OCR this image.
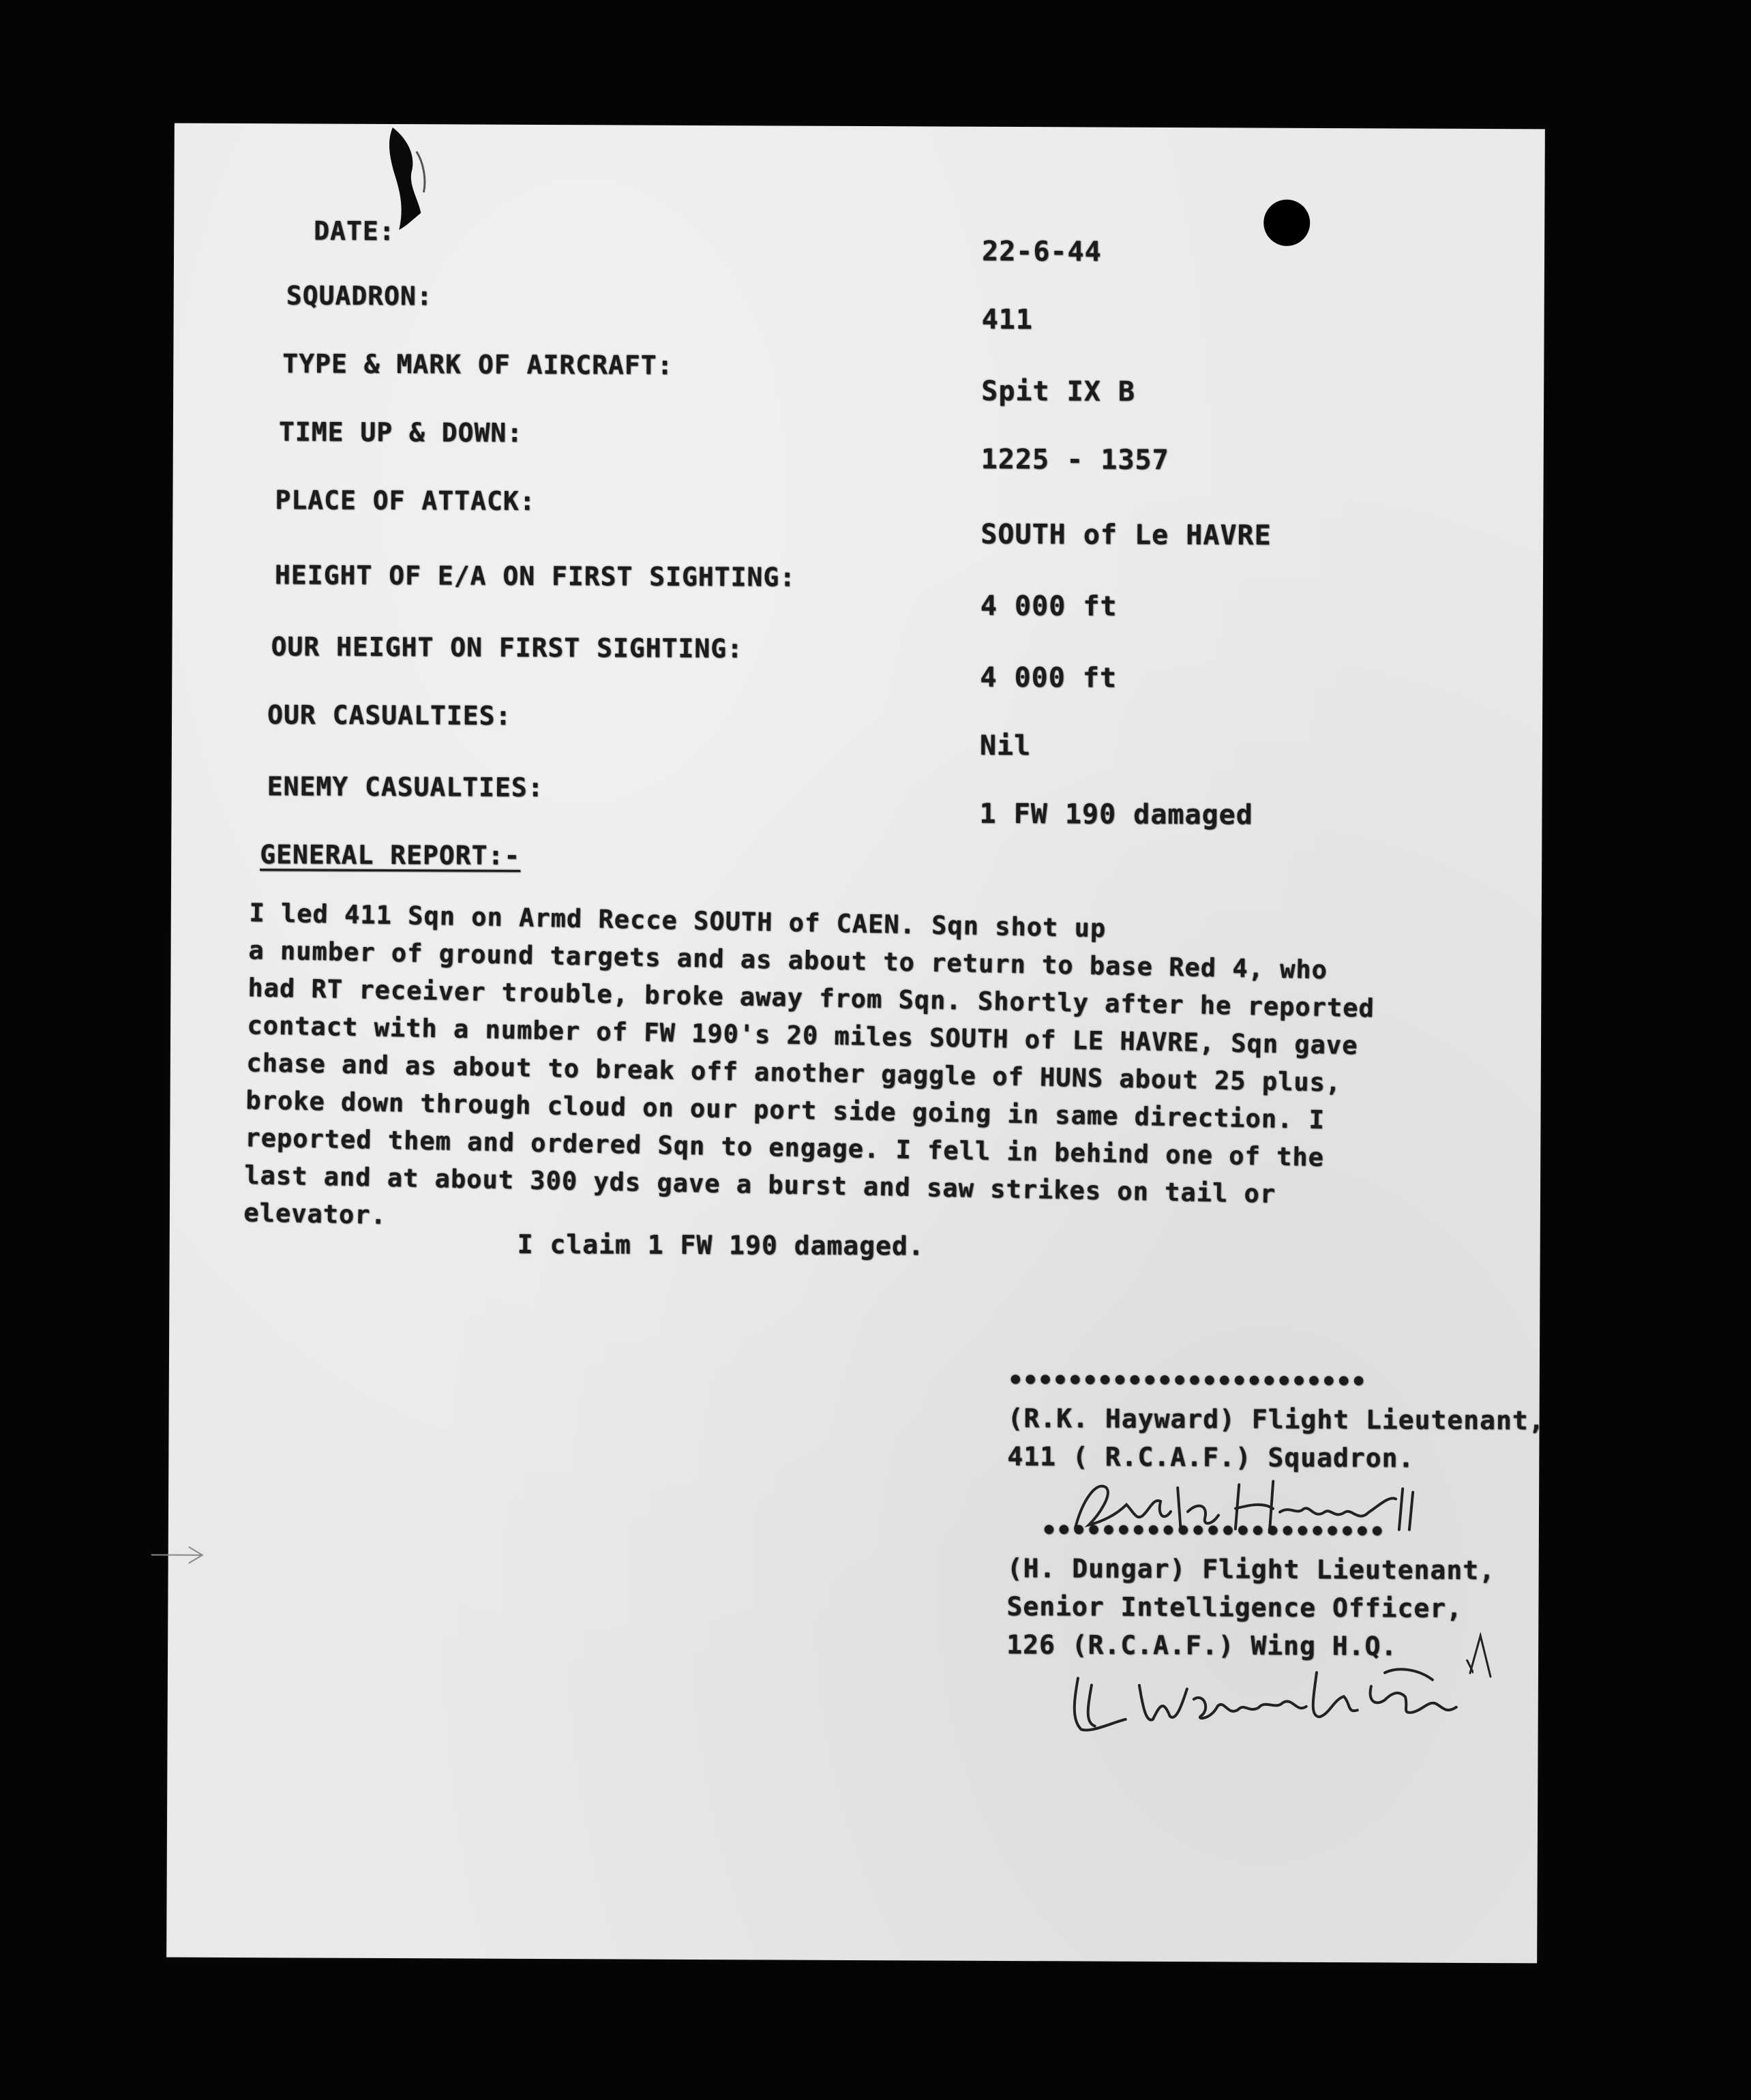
DATE:
22-6-44
SQUADRON:
411
TYPE & MARK OF AIRCRAFT:
Spit IX B
TIME UP & DOWN:
1225 - 1357
PLACE OF ATTACK:
SOUTH of Le HAVRE
HEIGHT OF E/A ON FIRST SIGHTING:
4 000 ft
OUR HEIGHT ON FIRST SIGHTING:
4 000 ft
OUR CASUALTIES:
Nil
ENEMY CASUALTIES:
1 FW 190 damaged
GENERAL REPORT:-
I led 411 Sqn on Armd Recce SOUTH of CAEN. Sqn shot up
a number of ground targets and as about to return to base Red 4, who
had RT receiver trouble, broke away from Sqn. Shortly after he reported
contact with a number of FW 190's 20 miles SOUTH of LE HAVRE, Sqn gave
chase and as about to break off another gaggle of HUNS about 25 plus,
broke down through cloud on our port side going in same direction. I
reported them and ordered Sqn to engage. I fell in behind one of the
last and at about 300 yds gave a burst and saw strikes on tail or
elevator.
I claim 1 FW 190 damaged.
••••••••••••••••••••••••
(R.K. Hayward) Flight Lieutenant,
411 ( R.C.A.F.) Squadron.
•••••••••••••••••••••••
(H. Dungar) Flight Lieutenant,
Senior Intelligence Officer,
126 (R.C.A.F.) Wing H.Q.
